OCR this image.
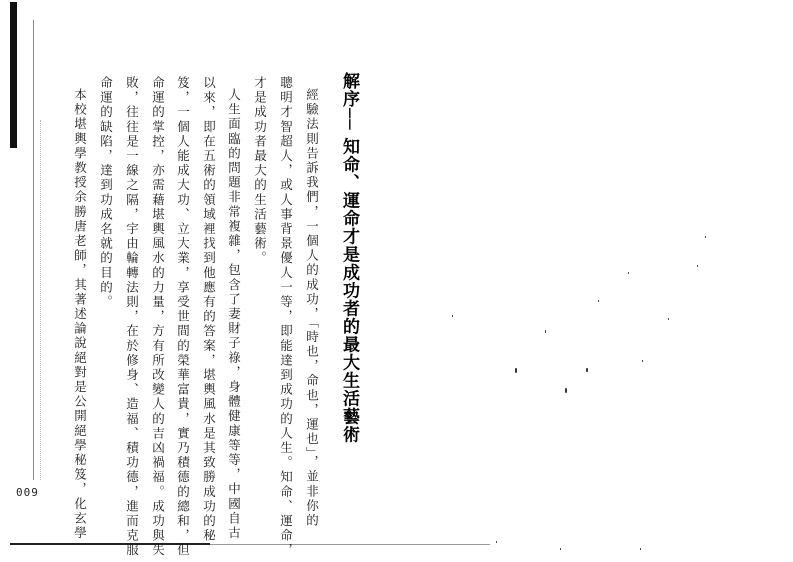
解序── 知命、運命才是成功者的最大生活藝術
經驗法則告訴我們，一個人的成功，「時也，命也，運也」，並非你的
聰明才智超人，或人事背景優人一等，即能達到成功的人生。知命、運命，
才是成功者最大的生活藝術。
人生面臨的問題非常複雜，包含了妻財子祿，身體健康等等，中國自古
以來，即在五術的領域裡找到他應有的答案，堪輿風水是其致勝成功的秘
笈，一個人能成大功、立大業，享受世間的榮華富貴，實乃積德的總和，但
命運的掌控，亦需藉堪輿風水的力量，方有所改變人的吉凶禍福。成功與失
敗，往往是一線之隔，宇由輪轉法則，在於修身、造福、積功德，進而克服
命運的缺陷，達到功成名就的目的。
本校堪輿學教授余勝唐老師，其著述論說絕對是公開絕學秘笈，化玄學
009
